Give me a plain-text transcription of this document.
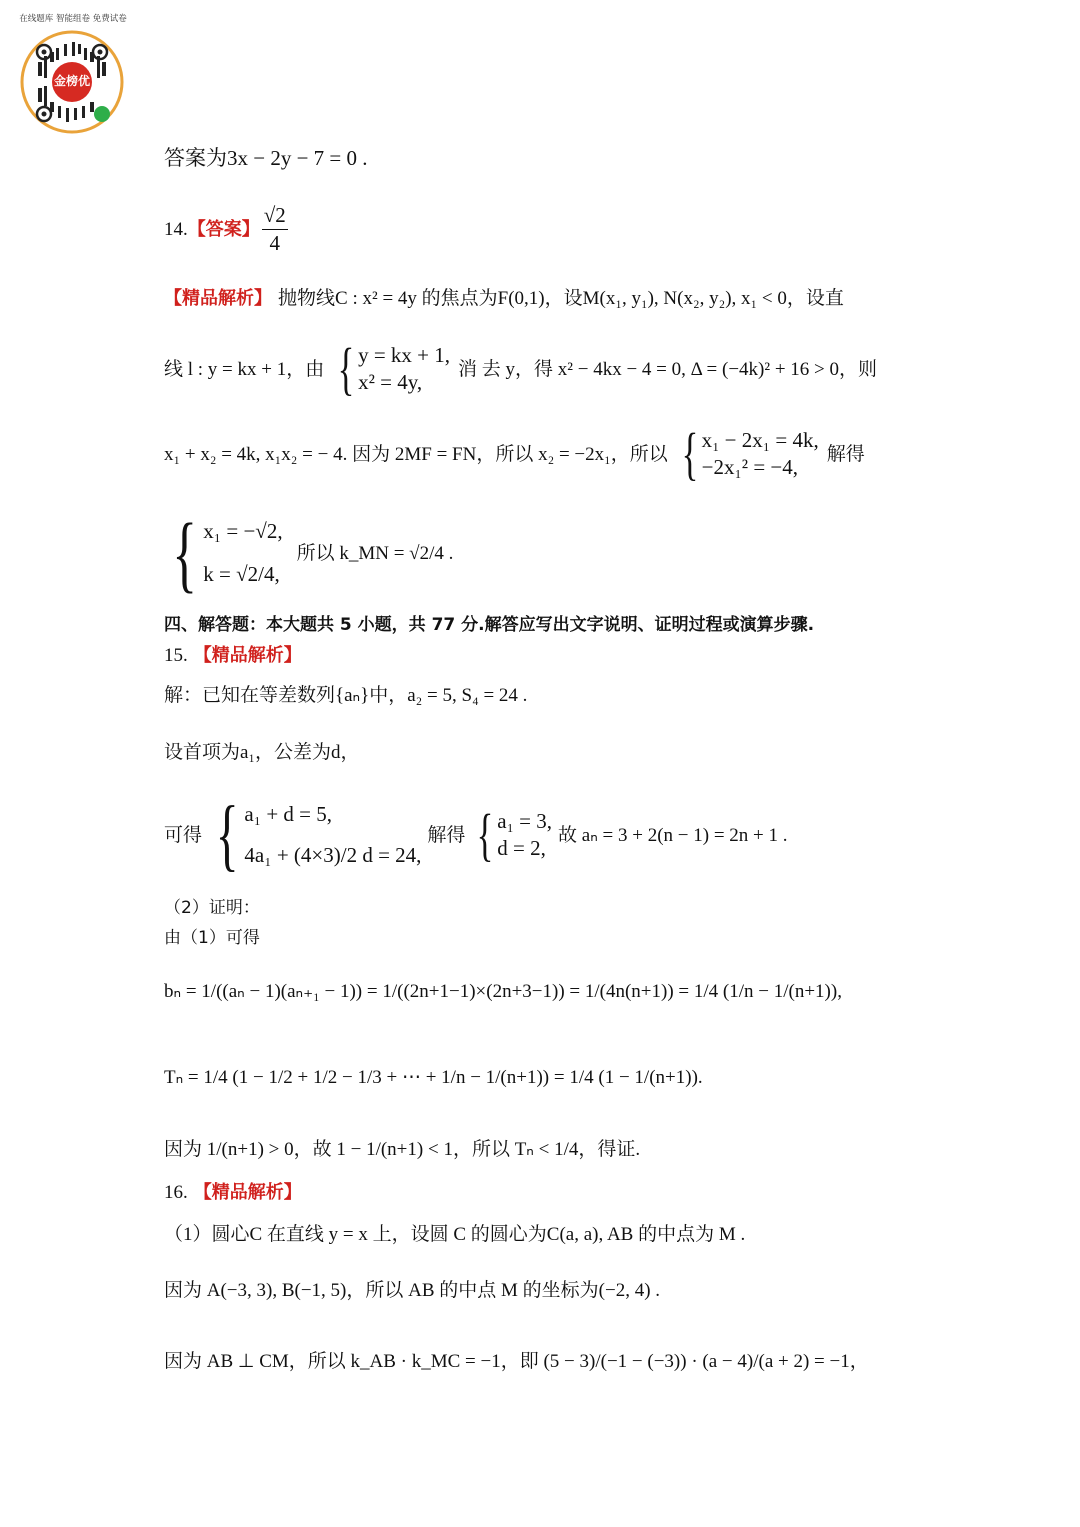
金榜优
在线题库 智能组卷 免费试卷
答案为3x − 2y − 7 = 0 .
14. 【答案】 $\frac{√2}{4}$
【精品解析】 抛物线C : x² = 4y 的焦点为F(0,1)，设M(x₁, y₁), N(x₂, y₂), x₁ < 0，设直
线 l : y = kx + 1，由 { y = kx + 1,
x² = 4y,
消 去 y，得 x² − 4kx − 4 = 0, Δ = (−4k)² + 16 > 0，则
x₁ + x₂ = 4k, x₁x₂ = − 4. 因为 2MF = FN，所以 x₂ = −2x₁，所以 { x₁ − 2x₁ = 4k,
−2x₁² = −4,
解得
{ x₁ = −√2,
k = √2/4,
所以 k_MN = √2/4 .
四、解答题：本大题共 5 小题，共 77 分.解答应写出文字说明、证明过程或演算步骤.
15. 【精品解析】
解：已知在等差数列{aₙ}中，a₂ = 5, S₄ = 24 .
设首项为a₁，公差为d，
可得 { a₁ + d = 5,
4a₁ + (4×3)/2 d = 24,
解得 { a₁ = 3,
d = 2,
故 aₙ = 3 + 2(n − 1) = 2n + 1 .
（2）证明：
由（1）可得
bₙ = 1/((aₙ − 1)(aₙ₊₁ − 1)) = 1/((2n+1−1)×(2n+3−1)) = 1/(4n(n+1)) = 1/4 (1/n − 1/(n+1)),
Tₙ = 1/4 (1 − 1/2 + 1/2 − 1/3 + ⋯ + 1/n − 1/(n+1)) = 1/4 (1 − 1/(n+1)).
因为 1/(n+1) > 0，故 1 − 1/(n+1) < 1，所以 Tₙ < 1/4，得证.
16. 【精品解析】
（1）圆心C 在直线 y = x 上，设圆 C 的圆心为C(a, a), AB 的中点为 M .
因为 A(−3, 3), B(−1, 5)，所以 AB 的中点 M 的坐标为(−2, 4) .
因为 AB ⊥ CM，所以 k_AB · k_MC = −1，即 (5 − 3)/(−1 − (−3)) · (a − 4)/(a + 2) = −1，
